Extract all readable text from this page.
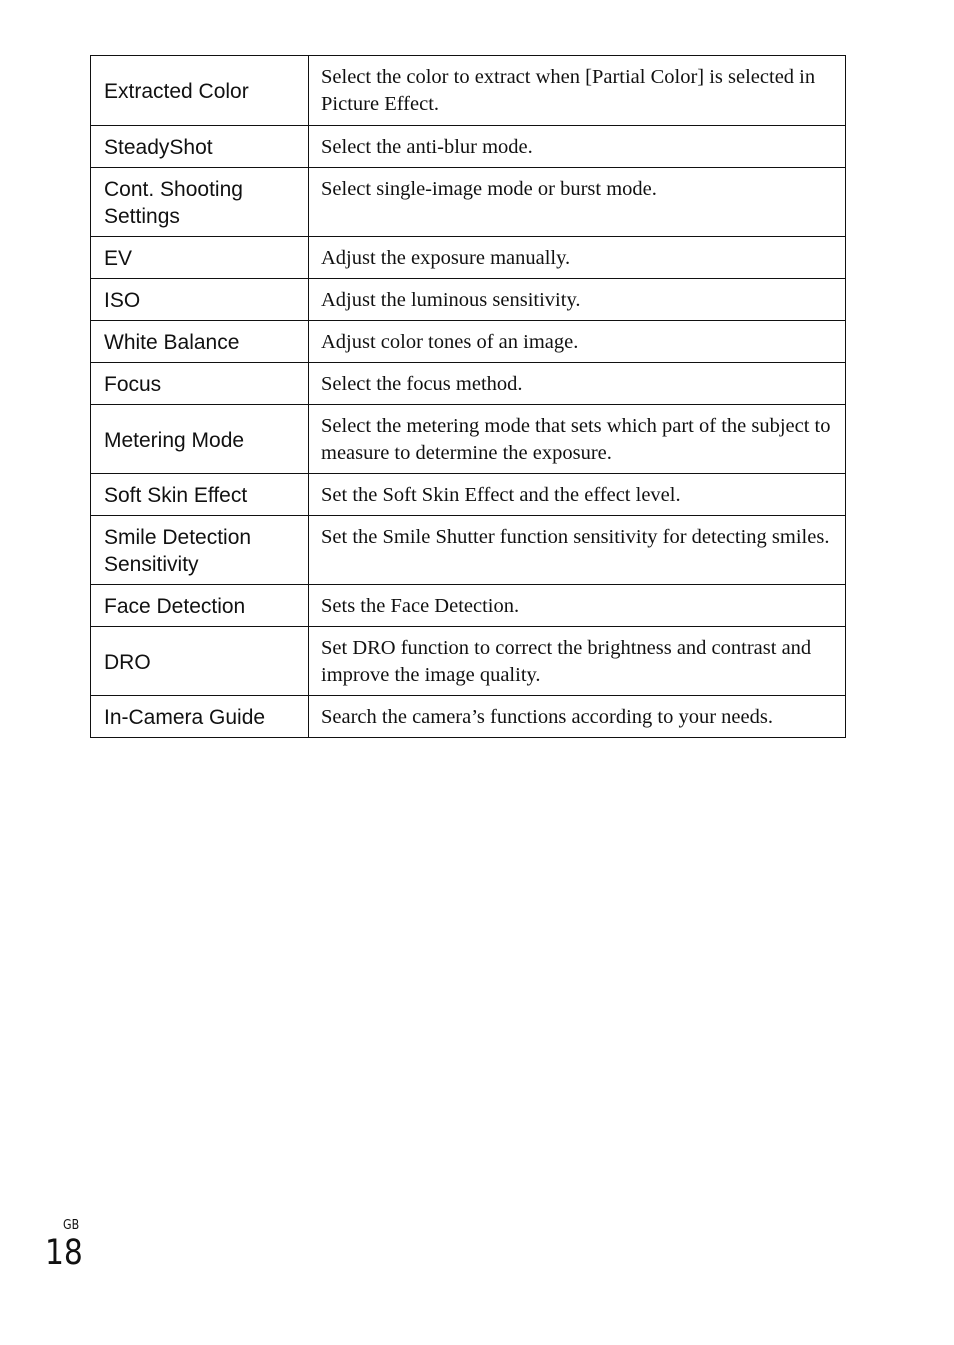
Extracted Color	Select the color to extract when [Partial Color] is selected in Picture Effect.
SteadyShot	Select the anti-blur mode.
Cont. Shooting Settings	Select single-image mode or burst mode.
EV	Adjust the exposure manually.
ISO	Adjust the luminous sensitivity.
White Balance	Adjust color tones of an image.
Focus	Select the focus method.
Metering Mode	Select the metering mode that sets which part of the subject to measure to determine the exposure.
Soft Skin Effect	Set the Soft Skin Effect and the effect level.
Smile Detection Sensitivity	Set the Smile Shutter function sensitivity for detecting smiles.
Face Detection	Sets the Face Detection.
DRO	Set DRO function to correct the brightness and contrast and improve the image quality.
In-Camera Guide	Search the camera’s functions according to your needs.
GB
18
